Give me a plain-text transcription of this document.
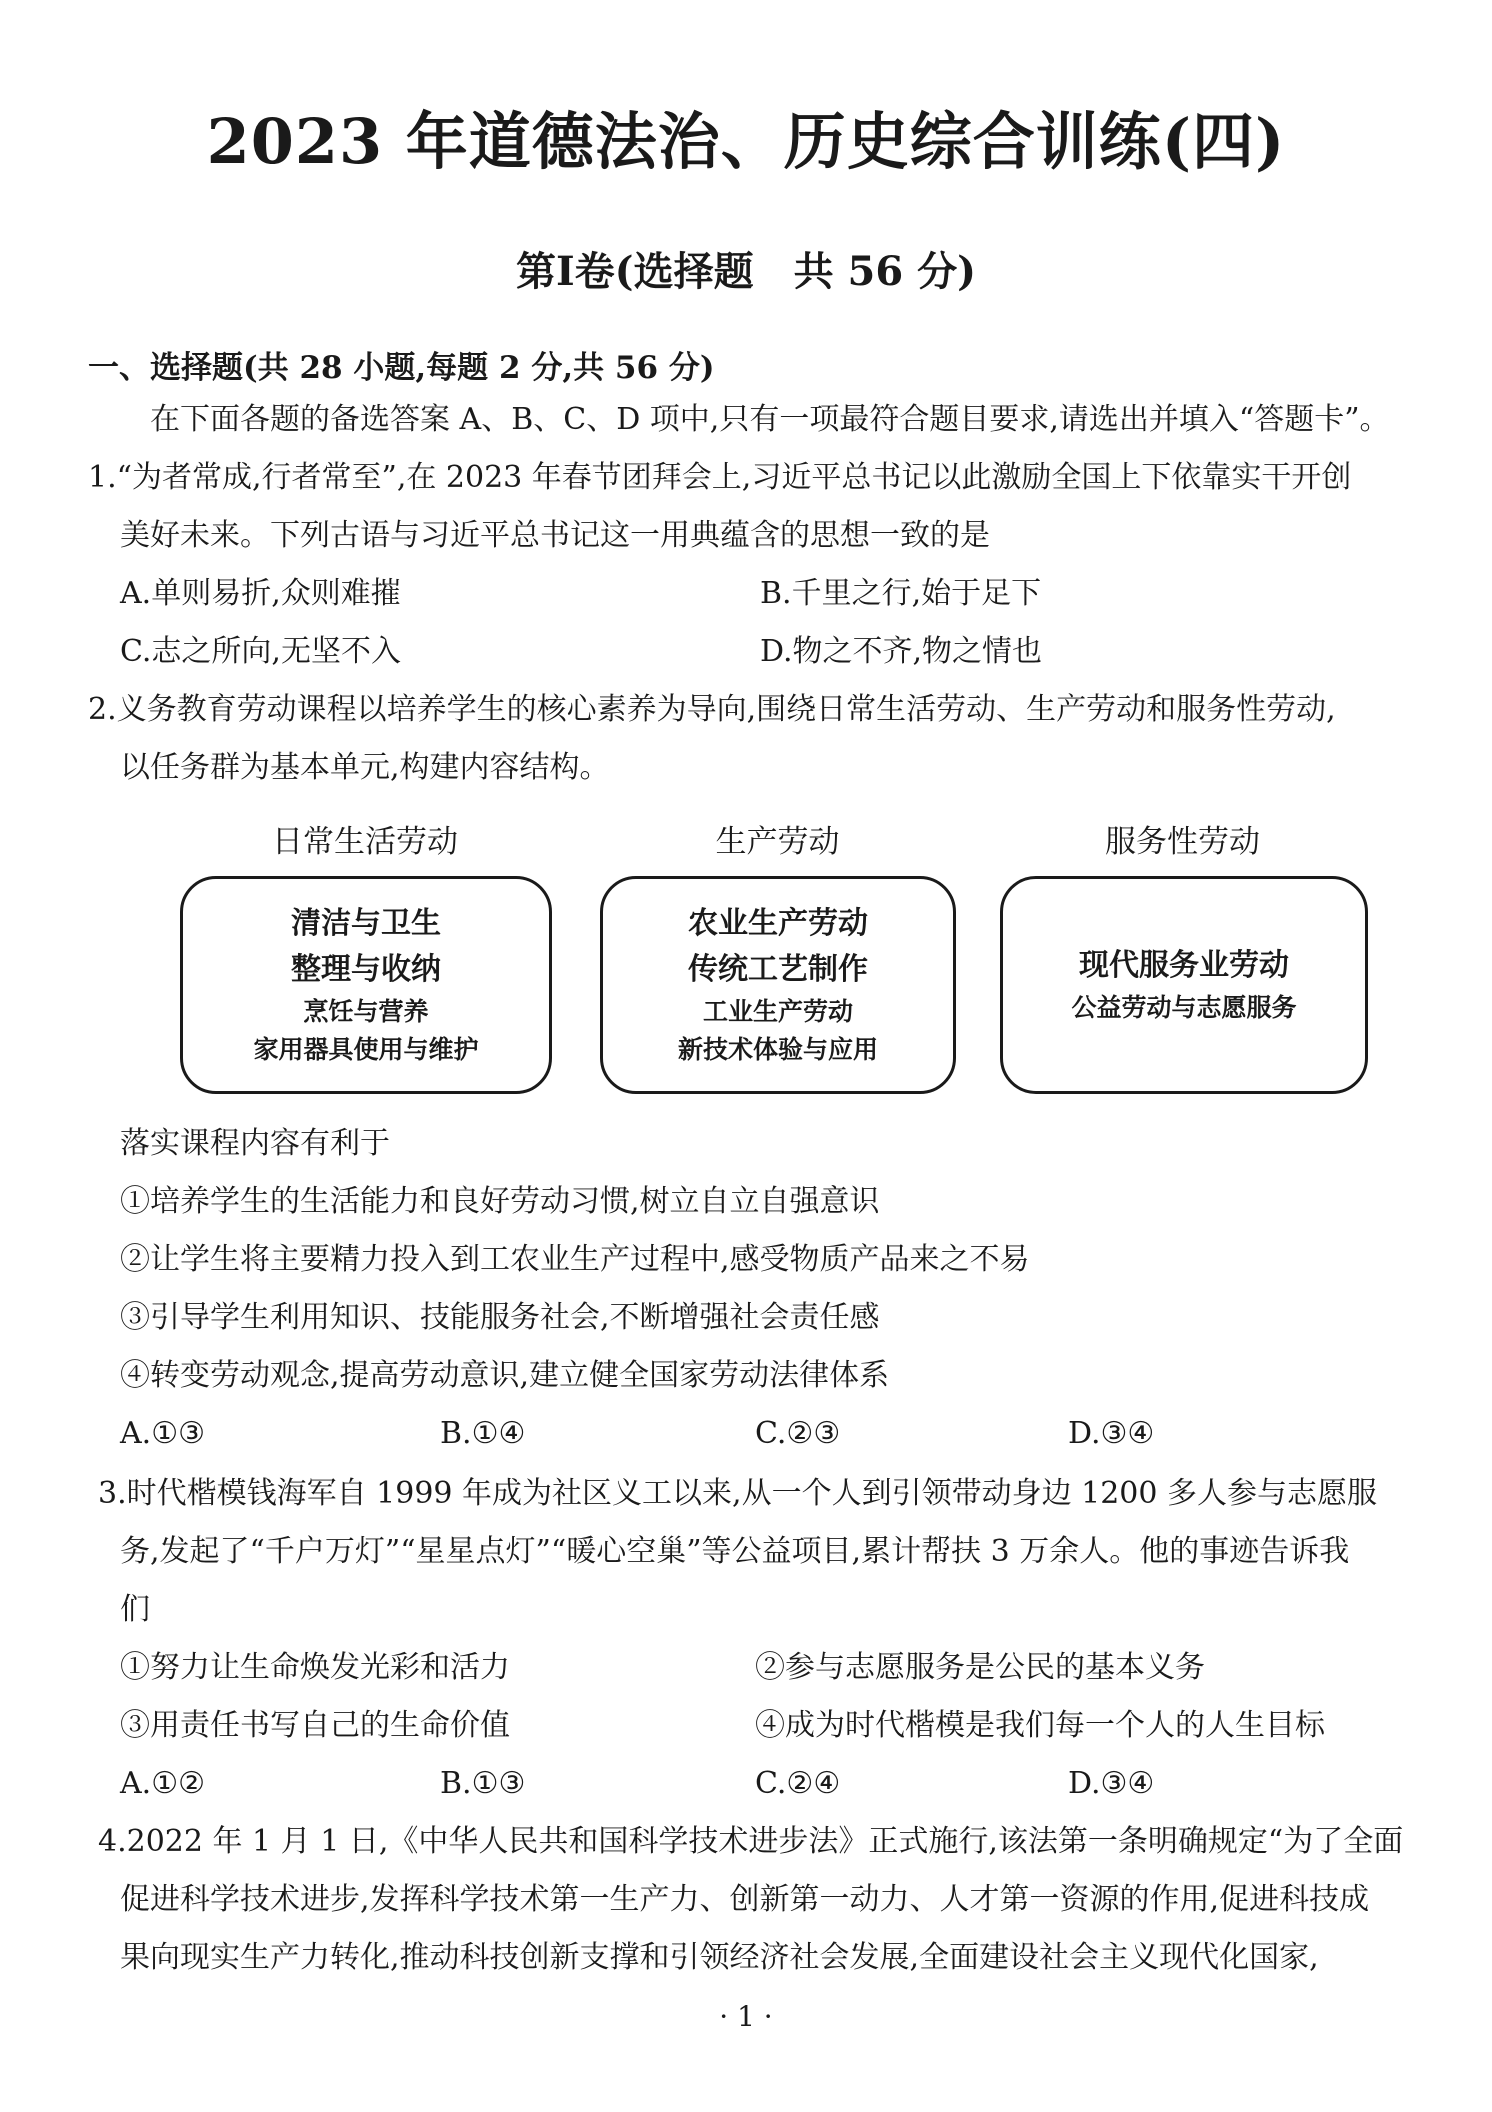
2023 年道德法治、历史综合训练(四)
第Ⅰ卷(选择题　共 56 分)
一、选择题(共 28 小题,每题 2 分,共 56 分)
在下面各题的备选答案 A、B、C、D 项中,只有一项最符合题目要求,请选出并填入“答题卡”。
1.“为者常成,行者常至”,在 2023 年春节团拜会上,习近平总书记以此激励全国上下依靠实干开创
美好未来。下列古语与习近平总书记这一用典蕴含的思想一致的是
A.单则易折,众则难摧	B.千里之行,始于足下
C.志之所向,无坚不入	D.物之不齐,物之情也
2.义务教育劳动课程以培养学生的核心素养为导向,围绕日常生活劳动、生产劳动和服务性劳动,
以任务群为基本单元,构建内容结构。
日常生活劳动	生产劳动	服务性劳动
清洁与卫生
整理与收纳
烹饪与营养
家用器具使用与维护
农业生产劳动
传统工艺制作
工业生产劳动
新技术体验与应用
现代服务业劳动
公益劳动与志愿服务
落实课程内容有利于
①培养学生的生活能力和良好劳动习惯,树立自立自强意识
②让学生将主要精力投入到工农业生产过程中,感受物质产品来之不易
③引导学生利用知识、技能服务社会,不断增强社会责任感
④转变劳动观念,提高劳动意识,建立健全国家劳动法律体系
A.①③	B.①④	C.②③	D.③④
3.时代楷模钱海军自 1999 年成为社区义工以来,从一个人到引领带动身边 1200 多人参与志愿服
务,发起了“千户万灯”“星星点灯”“暖心空巢”等公益项目,累计帮扶 3 万余人。他的事迹告诉我
们
①努力让生命焕发光彩和活力	②参与志愿服务是公民的基本义务
③用责任书写自己的生命价值	④成为时代楷模是我们每一个人的人生目标
A.①②	B.①③	C.②④	D.③④
4.2022 年 1 月 1 日,《中华人民共和国科学技术进步法》正式施行,该法第一条明确规定“为了全面
促进科学技术进步,发挥科学技术第一生产力、创新第一动力、人才第一资源的作用,促进科技成
果向现实生产力转化,推动科技创新支撑和引领经济社会发展,全面建设社会主义现代化国家,
· 1 ·
